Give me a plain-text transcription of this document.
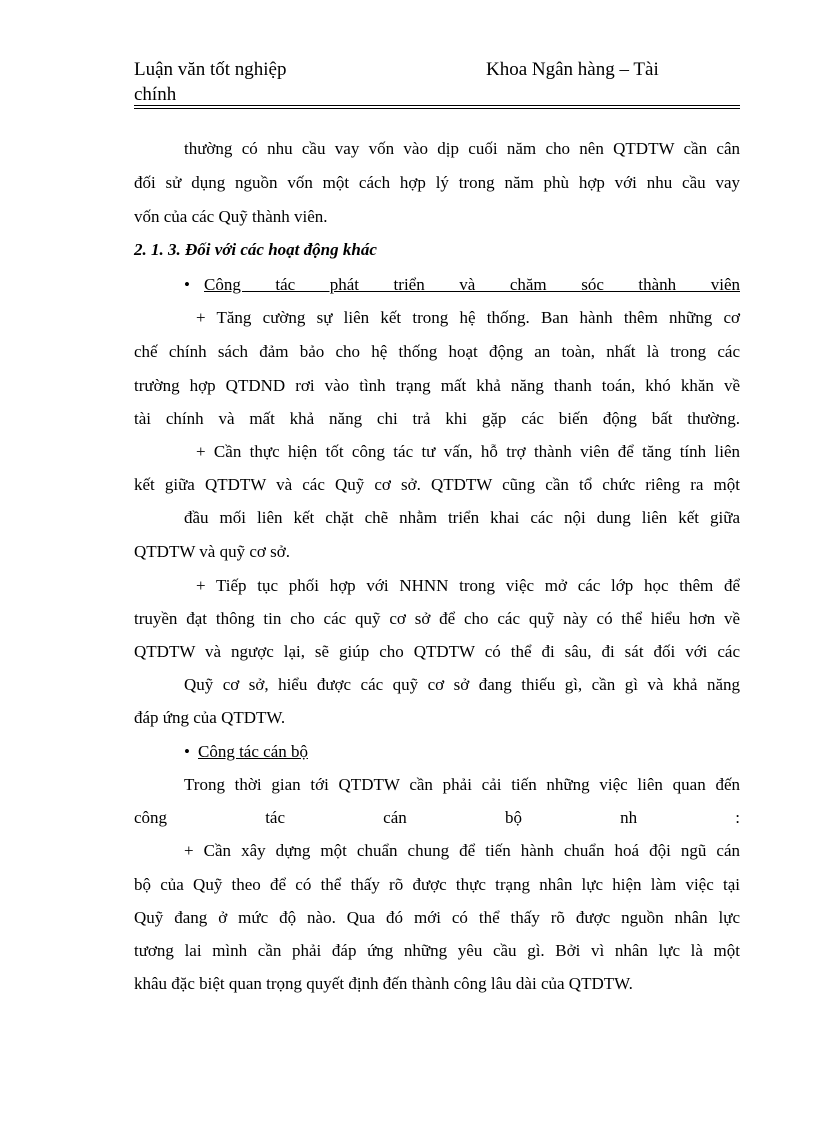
Luận văn tốt nghiệp	Khoa Ngân hàng – Tài
chính
thường có nhu cầu vay vốn vào dịp cuối năm cho nên QTDTW cần cân
đối sử dụng nguồn vốn một cách hợp lý trong năm phù hợp với nhu cầu vay
vốn của các Quỹ thành viên.
2. 1. 3. Đối với các hoạt động khác
• Công tác phát triển và chăm sóc thành viên
+ Tăng cường sự liên kết trong hệ thống. Ban hành thêm những cơ
chế chính sách đảm bảo cho hệ thống hoạt động an toàn, nhất là trong các
trường hợp QTDND rơi vào tình trạng mất khả năng thanh toán, khó khăn về
tài chính và mất khả năng chi trả khi gặp các biến động bất thường.
+ Cần thực hiện tốt công tác tư vấn, hỗ trợ thành viên để tăng tính liên
kết giữa QTDTW và các Quỹ cơ sở. QTDTW cũng cần tổ chức riêng ra một
đầu mối liên kết chặt chẽ nhằm triển khai các nội dung liên kết giữa
QTDTW và quỹ cơ sở.
+ Tiếp tục phối hợp với NHNN trong việc mở các lớp học thêm để
truyền đạt thông tin cho các quỹ cơ sở để cho các quỹ này có thể hiểu hơn về
QTDTW và ngược lại, sẽ giúp cho QTDTW có thể đi sâu, đi sát đối với các
Quỹ cơ sở, hiểu được các quỹ cơ sở đang thiếu gì, cần gì và khả năng
đáp ứng của QTDTW.
• Công tác cán bộ
Trong thời gian tới QTDTW cần phải cải tiến những việc liên quan đến
công tác cán bộ nh :
+ Cần xây dựng một chuẩn chung để tiến hành chuẩn hoá đội ngũ cán
bộ của Quỹ theo để có thể thấy rõ được thực trạng nhân lực hiện làm việc tại
Quỹ đang ở mức độ nào. Qua đó mới có thể thấy rõ được nguồn nhân lực
tương lai mình cần phải đáp ứng những yêu cầu gì. Bởi vì nhân lực là một
khâu đặc biệt quan trọng quyết định đến thành công lâu dài của QTDTW.
